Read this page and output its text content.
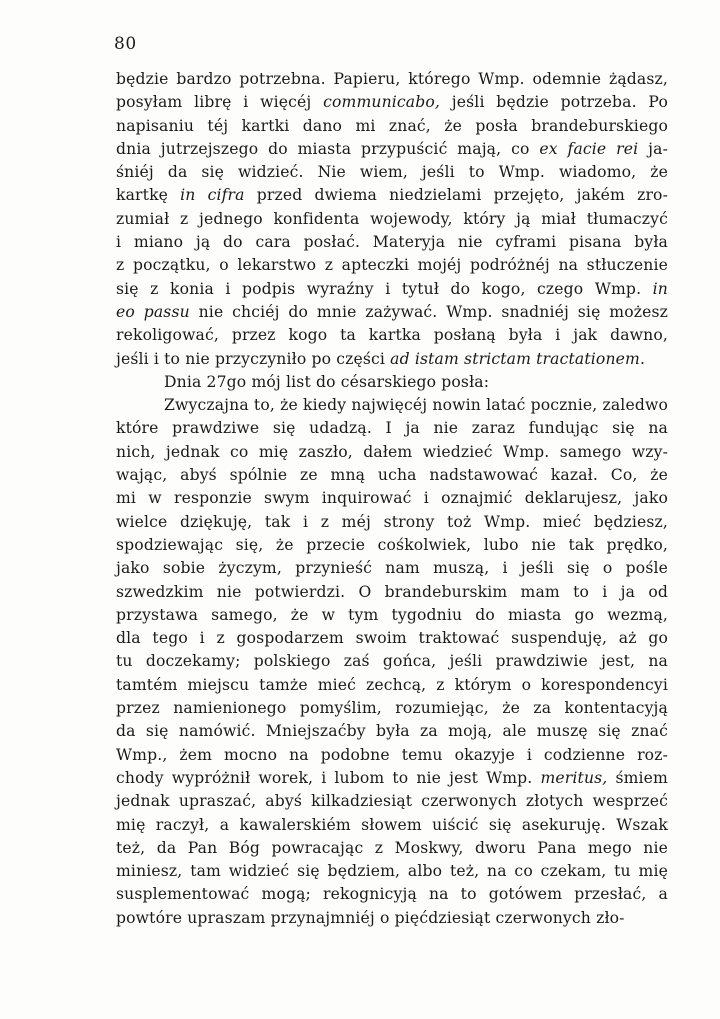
80
będzie bardzo potrzebna. Papieru, którego Wmp. odemnie żądasz,
posyłam librę i więcéj communicabo, jeśli będzie potrzeba. Po
napisaniu téj kartki dano mi znać, że posła brandeburskiego
dnia jutrzejszego do miasta przypuścić mają, co ex facie rei ja-
śniéj da się widzieć. Nie wiem, jeśli to Wmp. wiadomo, że
kartkę in cifra przed dwiema niedzielami przejęto, jakém zro-
zumiał z jednego konfidenta wojewody, który ją miał tłumaczyć
i miano ją do cara posłać. Materyja nie cyframi pisana była
z początku, o lekarstwo z apteczki mojéj podróżnéj na stłuczenie
się z konia i podpis wyraźny i tytuł do kogo, czego Wmp. in
eo passu nie chciéj do mnie zażywać. Wmp. snadniéj się możesz
rekoligować, przez kogo ta kartka posłaną była i jak dawno,
jeśli i to nie przyczyniło po części ad istam strictam tractationem.
Dnia 27go mój list do césarskiego posła:
Zwyczajna to, że kiedy najwięcéj nowin latać pocznie, zaledwo
które prawdziwe się udadzą. I ja nie zaraz fundując się na
nich, jednak co mię zaszło, dałem wiedzieć Wmp. samego wzy-
wając, abyś spólnie ze mną ucha nadstawować kazał. Co, że
mi w responzie swym inquirować i oznajmić deklarujesz, jako
wielce dziękuję, tak i z méj strony toż Wmp. mieć będziesz,
spodziewając się, że przecie cośkolwiek, lubo nie tak prędko,
jako sobie życzym, przynieść nam muszą, i jeśli się o pośle
szwedzkim nie potwierdzi. O brandeburskim mam to i ja od
przystawa samego, że w tym tygodniu do miasta go wezmą,
dla tego i z gospodarzem swoim traktować suspenduję, aż go
tu doczekamy; polskiego zaś gońca, jeśli prawdziwie jest, na
tamtém miejscu tamże mieć zechcą, z którym o korespondencyi
przez namienionego pomyślim, rozumiejąc, że za kontentacyją
da się namówić. Mniejszaćby była za moją, ale muszę się znać
Wmp., żem mocno na podobne temu okazyje i codzienne roz-
chody wypróżnił worek, i lubom to nie jest Wmp. meritus, śmiem
jednak upraszać, abyś kilkadziesiąt czerwonych złotych wesprzeć
mię raczył, a kawalerskiém słowem uiścić się asekuruję. Wszak
też, da Pan Bóg powracając z Moskwy, dworu Pana mego nie
miniesz, tam widzieć się będziem, albo też, na co czekam, tu mię
susplementować mogą; rekognicyją na to gotówem przesłać, a
powtóre upraszam przynajmniéj o pięćdziesiąt czerwonych zło-
